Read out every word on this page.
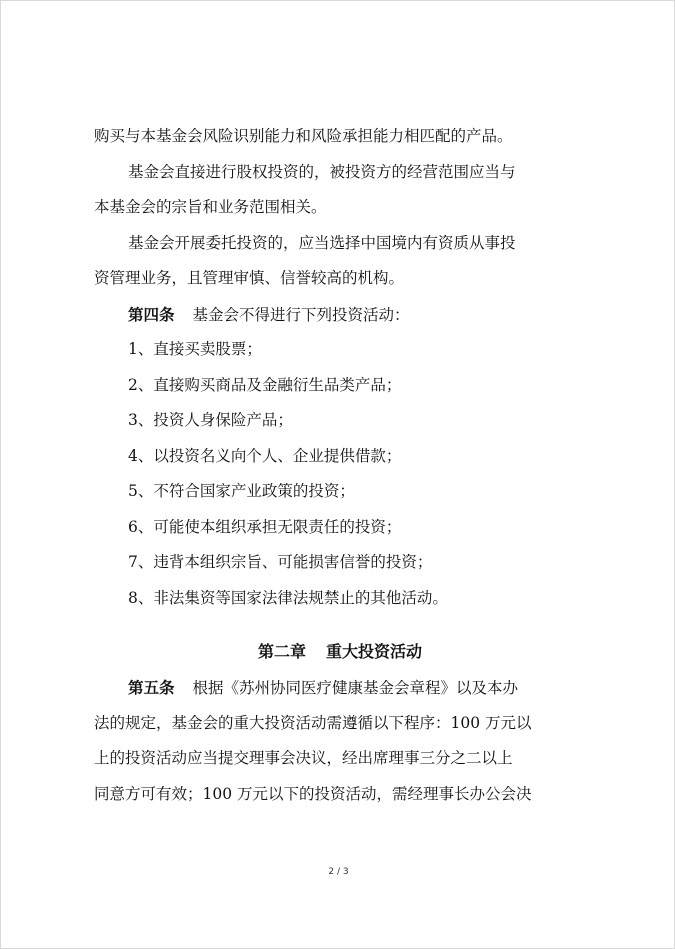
购买与本基金会风险识别能力和风险承担能力相匹配的产品。
基金会直接进行股权投资的，被投资方的经营范围应当与
本基金会的宗旨和业务范围相关。
基金会开展委托投资的，应当选择中国境内有资质从事投
资管理业务，且管理审慎、信誉较高的机构。
第四条 基金会不得进行下列投资活动：
1、直接买卖股票；
2、直接购买商品及金融衍生品类产品；
3、投资人身保险产品；
4、以投资名义向个人、企业提供借款；
5、不符合国家产业政策的投资；
6、可能使本组织承担无限责任的投资；
7、违背本组织宗旨、可能损害信誉的投资；
8、非法集资等国家法律法规禁止的其他活动。
第二章 重大投资活动
第五条 根据《苏州协同医疗健康基金会章程》以及本办
法的规定，基金会的重大投资活动需遵循以下程序：100 万元以
上的投资活动应当提交理事会决议，经出席理事三分之二以上
同意方可有效；100 万元以下的投资活动，需经理事长办公会决
2 / 3
